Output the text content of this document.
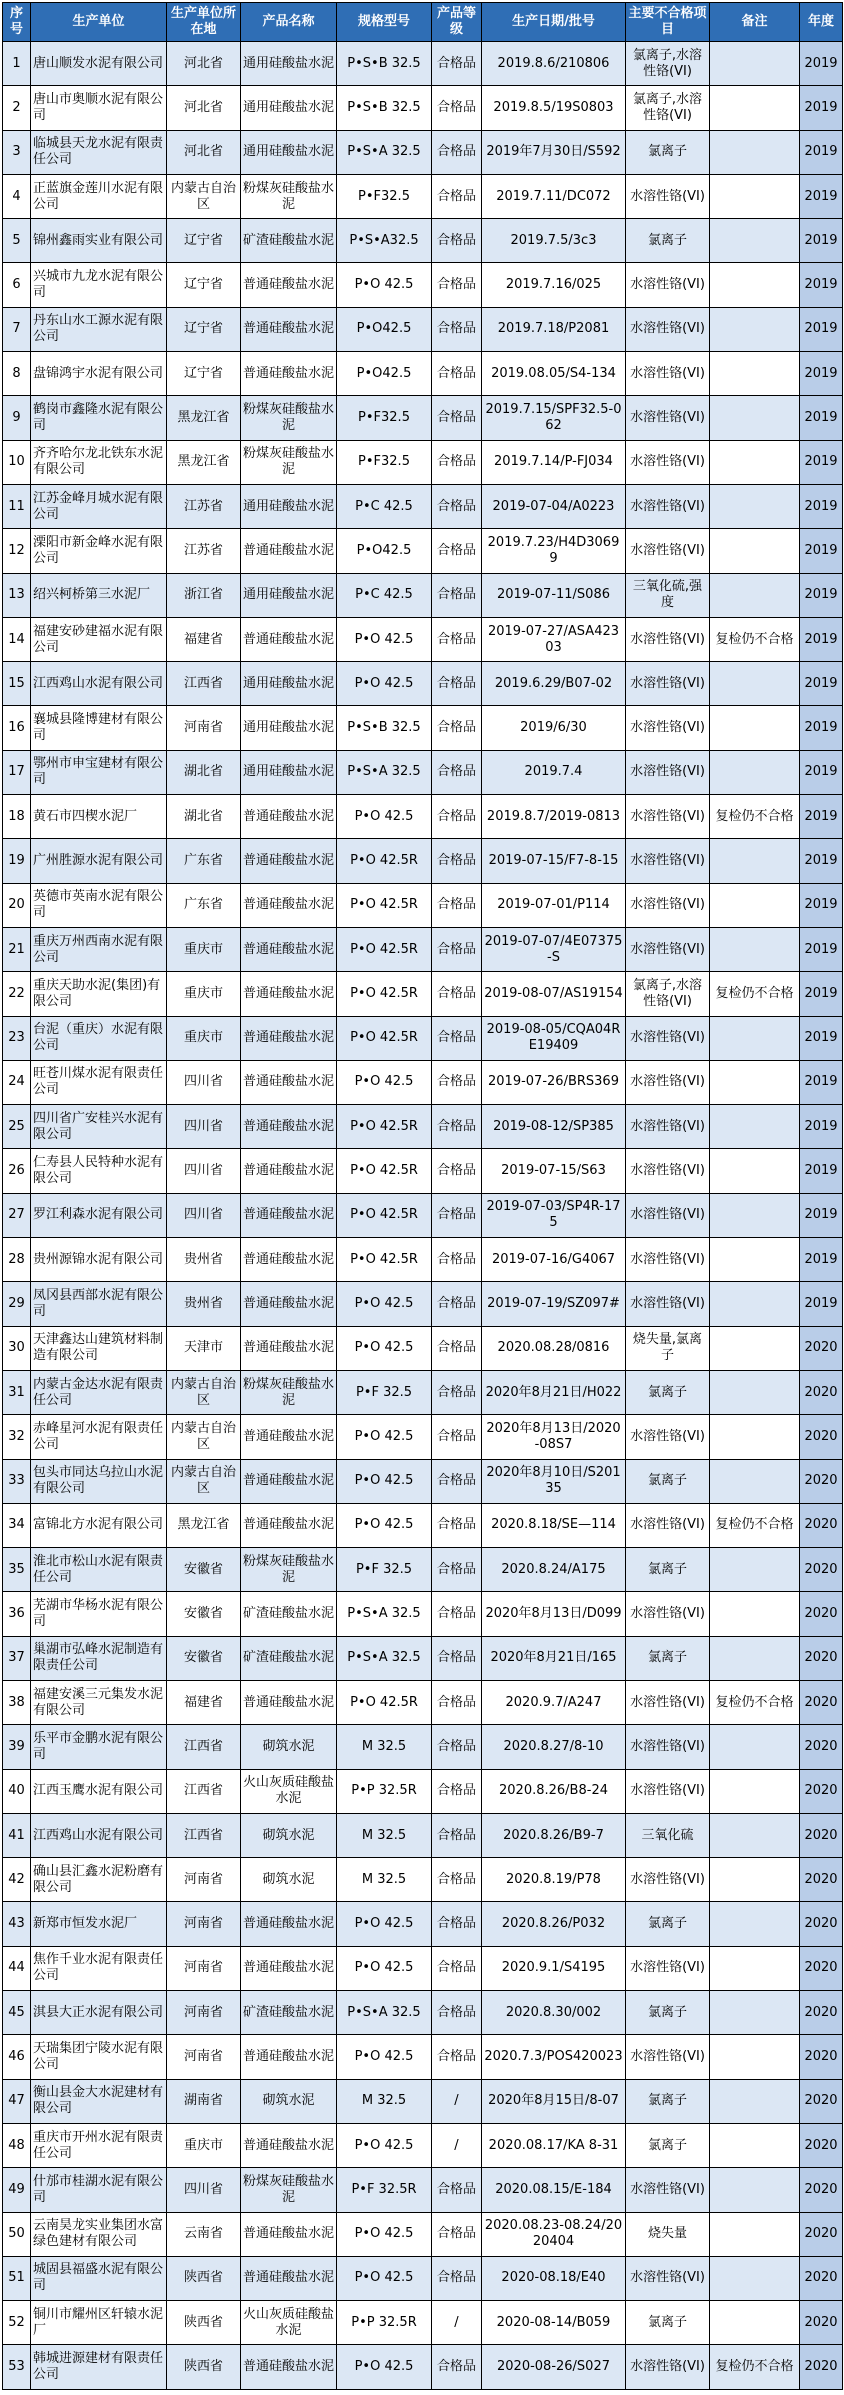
序号	生产单位	生产单位所在地	产品名称	规格型号	产品等级	生产日期/批号	主要不合格项目	备注	年度
1	唐山顺发水泥有限公司	河北省	通用硅酸盐水泥	P•S•B 32.5	合格品	2019.8.6/210806	氯离子,水溶性铬(VI)		2019
2	唐山市奥顺水泥有限公司	河北省	通用硅酸盐水泥	P•S•B 32.5	合格品	2019.8.5/19S0803	氯离子,水溶性铬(VI)		2019
3	临城县天龙水泥有限责任公司	河北省	通用硅酸盐水泥	P•S•A 32.5	合格品	2019年7月30日/S592	氯离子		2019
4	正蓝旗金莲川水泥有限公司	内蒙古自治区	粉煤灰硅酸盐水泥	P•F32.5	合格品	2019.7.11/DC072	水溶性铬(VI)		2019
5	锦州鑫雨实业有限公司	辽宁省	矿渣硅酸盐水泥	P•S•A32.5	合格品	2019.7.5/3c3	氯离子		2019
6	兴城市九龙水泥有限公司	辽宁省	普通硅酸盐水泥	P•O 42.5	合格品	2019.7.16/025	水溶性铬(VI)		2019
7	丹东山水工源水泥有限公司	辽宁省	普通硅酸盐水泥	P•O42.5	合格品	2019.7.18/P2081	水溶性铬(VI)		2019
8	盘锦鸿宇水泥有限公司	辽宁省	普通硅酸盐水泥	P•O42.5	合格品	2019.08.05/S4-134	水溶性铬(VI)		2019
9	鹤岗市鑫隆水泥有限公司	黑龙江省	粉煤灰硅酸盐水泥	P•F32.5	合格品	2019.7.15/SPF32.5-062	水溶性铬(VI)		2019
10	齐齐哈尔龙北铁东水泥有限公司	黑龙江省	粉煤灰硅酸盐水泥	P•F32.5	合格品	2019.7.14/P-FJ034	水溶性铬(VI)		2019
11	江苏金峰月城水泥有限公司	江苏省	通用硅酸盐水泥	P•C 42.5	合格品	2019-07-04/A0223	水溶性铬(VI)		2019
12	溧阳市新金峰水泥有限公司	江苏省	普通硅酸盐水泥	P•O42.5	合格品	2019.7.23/H4D30699	水溶性铬(VI)		2019
13	绍兴柯桥第三水泥厂	浙江省	通用硅酸盐水泥	P•C 42.5	合格品	2019-07-11/S086	三氧化硫,强度		2019
14	福建安砂建福水泥有限公司	福建省	普通硅酸盐水泥	P•O 42.5	合格品	2019-07-27/ASA42303	水溶性铬(VI)	复检仍不合格	2019
15	江西鸡山水泥有限公司	江西省	通用硅酸盐水泥	P•O 42.5	合格品	2019.6.29/B07-02	水溶性铬(VI)		2019
16	襄城县隆博建材有限公司	河南省	通用硅酸盐水泥	P•S•B 32.5	合格品	2019/6/30	水溶性铬(VI)		2019
17	鄂州市申宝建材有限公司	湖北省	通用硅酸盐水泥	P•S•A 32.5	合格品	2019.7.4	水溶性铬(VI)		2019
18	黄石市四楔水泥厂	湖北省	普通硅酸盐水泥	P•O 42.5	合格品	2019.8.7/2019-0813	水溶性铬(VI)	复检仍不合格	2019
19	广州胜源水泥有限公司	广东省	普通硅酸盐水泥	P•O 42.5R	合格品	2019-07-15/F7-8-15	水溶性铬(VI)		2019
20	英德市英南水泥有限公司	广东省	普通硅酸盐水泥	P•O 42.5R	合格品	2019-07-01/P114	水溶性铬(VI)		2019
21	重庆万州西南水泥有限公司	重庆市	普通硅酸盐水泥	P•O 42.5R	合格品	2019-07-07/4E07375-S	水溶性铬(VI)		2019
22	重庆天助水泥(集团)有限公司	重庆市	普通硅酸盐水泥	P•O 42.5R	合格品	2019-08-07/AS19154	氯离子,水溶性铬(VI)	复检仍不合格	2019
23	台泥（重庆）水泥有限公司	重庆市	普通硅酸盐水泥	P•O 42.5R	合格品	2019-08-05/CQA04RE19409	水溶性铬(VI)		2019
24	旺苍川煤水泥有限责任公司	四川省	普通硅酸盐水泥	P•O 42.5	合格品	2019-07-26/BRS369	水溶性铬(VI)		2019
25	四川省广安桂兴水泥有限公司	四川省	普通硅酸盐水泥	P•O 42.5R	合格品	2019-08-12/SP385	水溶性铬(VI)		2019
26	仁寿县人民特种水泥有限公司	四川省	普通硅酸盐水泥	P•O 42.5R	合格品	2019-07-15/S63	水溶性铬(VI)		2019
27	罗江利森水泥有限公司	四川省	普通硅酸盐水泥	P•O 42.5R	合格品	2019-07-03/SP4R-175	水溶性铬(VI)		2019
28	贵州源锦水泥有限公司	贵州省	普通硅酸盐水泥	P•O 42.5R	合格品	2019-07-16/G4067	水溶性铬(VI)		2019
29	凤冈县西部水泥有限公司	贵州省	普通硅酸盐水泥	P•O 42.5	合格品	2019-07-19/SZ097#	水溶性铬(VI)		2019
30	天津鑫达山建筑材料制造有限公司	天津市	普通硅酸盐水泥	P•O 42.5	合格品	2020.08.28/0816	烧失量,氯离子		2020
31	内蒙古金达水泥有限责任公司	内蒙古自治区	粉煤灰硅酸盐水泥	P•F 32.5	合格品	2020年8月21日/H022	氯离子		2020
32	赤峰星河水泥有限责任公司	内蒙古自治区	普通硅酸盐水泥	P•O 42.5	合格品	2020年8月13日/2020-08S7	水溶性铬(VI)		2020
33	包头市同达乌拉山水泥有限公司	内蒙古自治区	普通硅酸盐水泥	P•O 42.5	合格品	2020年8月10日/S20135	氯离子		2020
34	富锦北方水泥有限公司	黑龙江省	普通硅酸盐水泥	P•O 42.5	合格品	2020.8.18/SE—114	水溶性铬(VI)	复检仍不合格	2020
35	淮北市松山水泥有限责任公司	安徽省	粉煤灰硅酸盐水泥	P•F 32.5	合格品	2020.8.24/A175	氯离子		2020
36	芜湖市华杨水泥有限公司	安徽省	矿渣硅酸盐水泥	P•S•A 32.5	合格品	2020年8月13日/D099	水溶性铬(VI)		2020
37	巢湖市弘峰水泥制造有限责任公司	安徽省	矿渣硅酸盐水泥	P•S•A 32.5	合格品	2020年8月21日/165	氯离子		2020
38	福建安溪三元集发水泥有限公司	福建省	普通硅酸盐水泥	P•O 42.5R	合格品	2020.9.7/A247	水溶性铬(VI)	复检仍不合格	2020
39	乐平市金鹏水泥有限公司	江西省	砌筑水泥	M 32.5	合格品	2020.8.27/8-10	水溶性铬(VI)		2020
40	江西玉鹰水泥有限公司	江西省	火山灰质硅酸盐水泥	P•P 32.5R	合格品	2020.8.26/B8-24	水溶性铬(VI)		2020
41	江西鸡山水泥有限公司	江西省	砌筑水泥	M 32.5	合格品	2020.8.26/B9-7	三氧化硫		2020
42	确山县汇鑫水泥粉磨有限公司	河南省	砌筑水泥	M 32.5	合格品	2020.8.19/P78	水溶性铬(VI)		2020
43	新郑市恒发水泥厂	河南省	普通硅酸盐水泥	P•O 42.5	合格品	2020.8.26/P032	氯离子		2020
44	焦作千业水泥有限责任公司	河南省	普通硅酸盐水泥	P•O 42.5	合格品	2020.9.1/S4195	水溶性铬(VI)		2020
45	淇县大正水泥有限公司	河南省	矿渣硅酸盐水泥	P•S•A 32.5	合格品	2020.8.30/002	氯离子		2020
46	天瑞集团宁陵水泥有限公司	河南省	普通硅酸盐水泥	P•O 42.5	合格品	2020.7.3/POS420023	水溶性铬(VI)		2020
47	衡山县金大水泥建材有限公司	湖南省	砌筑水泥	M 32.5	/	2020年8月15日/8-07	氯离子		2020
48	重庆市开州水泥有限责任公司	重庆市	普通硅酸盐水泥	P•O 42.5	/	2020.08.17/KA 8-31	氯离子		2020
49	什邡市桂湖水泥有限公司	四川省	粉煤灰硅酸盐水泥	P•F 32.5R	合格品	2020.08.15/E-184	水溶性铬(VI)		2020
50	云南昊龙实业集团水富绿色建材有限公司	云南省	普通硅酸盐水泥	P•O 42.5	合格品	2020.08.23-08.24/2020404	烧失量		2020
51	城固县福盛水泥有限公司	陕西省	普通硅酸盐水泥	P•O 42.5	合格品	2020-08.18/E40	水溶性铬(VI)		2020
52	铜川市耀州区轩辕水泥厂	陕西省	火山灰质硅酸盐水泥	P•P 32.5R	/	2020-08-14/B059	氯离子		2020
53	韩城进源建材有限责任公司	陕西省	普通硅酸盐水泥	P•O 42.5	合格品	2020-08-26/S027	水溶性铬(VI)	复检仍不合格	2020
